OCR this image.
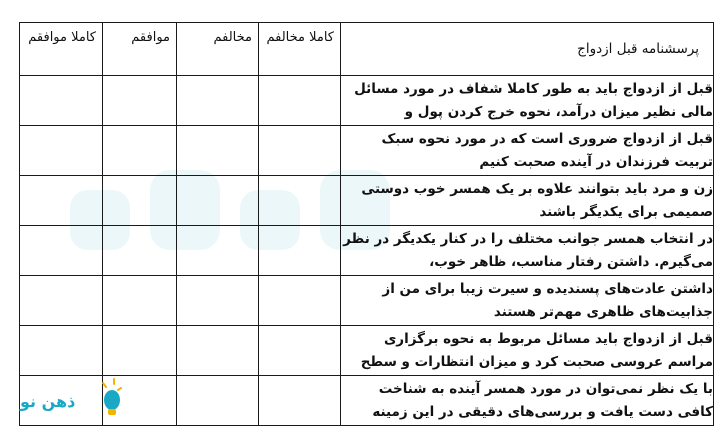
پرسشنامه قبل ازدواج	کاملا مخالفم	مخالفم	موافقم	کاملا موافقم
قبل از ازدواج باید به طور کاملا شفاف در مورد مسائل مالی نظیر میزان درآمد، نحوه خرج کردن پول و				
قبل از ازدواج ضروری است که در مورد نحوه سبک تربیت فرزندان در آینده صحبت کنیم				
زن و مرد باید بتوانند علاوه بر یک همسر خوب دوستی صمیمی برای یکدیگر باشند				
در انتخاب همسر جوانب مختلف را در کنار یکدیگر در نظر می‌گیرم. داشتن رفتار مناسب، ظاهر خوب،				
داشتن عادت‌های پسندیده و سیرت زیبا برای من از جذابیت‌های ظاهری مهم‌تر هستند				
قبل از ازدواج باید مسائل مربوط به نحوه برگزاری مراسم عروسی صحبت کرد و میزان انتظارات و سطح				
با یک نظر نمی‌توان در مورد همسر آینده به شناخت کافی دست یافت و بررسی‌های دقیقی در این زمینه				
ذهن نو
